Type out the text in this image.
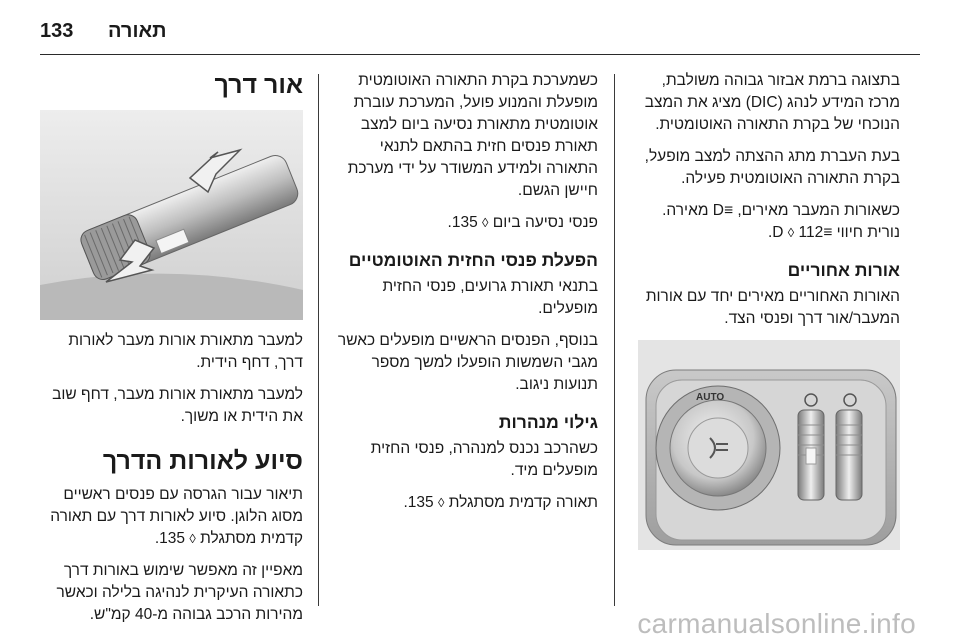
133 תאורה

בתצוגה ברמת אבזור גבוהה משולבת, מרכז המידע לנהג (DIC) מציג את המצב הנוכחי של בקרת התאורה האוטומטית.

בעת העברת מתג ההצתה למצב מופעל, בקרת התאורה האוטומטית פעילה.

כשאורות המעבר מאירים, ≡D מאירה. נורית חיווי ≡D ◊ 112.

אורות אחוריים

האורות האחוריים מאירים יחד עם אורות המעבר/אור דרך ופנסי הצד.

AUTO

כשמערכת בקרת התאורה האוטומטית מופעלת והמנוע פועל, המערכת עוברת אוטומטית מתאורת נסיעה ביום למצב תאורת פנסים חזית בהתאם לתנאי התאורה ולמידע המשודר על ידי מערכת חיישן הגשם.

פנסי נסיעה ביום ◊ 135.

הפעלת פנסי החזית האוטומטיים

בתנאי תאורת גרועים, פנסי החזית מופעלים.

בנוסף, הפנסים הראשיים מופעלים כאשר מגבי השמשות הופעלו למשך מספר תנועות ניגוב.

גילוי מנהרות

כשהרכב נכנס למנהרה, פנסי החזית מופעלים מיד.

תאורה קדמית מסתגלת ◊ 135.

אור דרך

למעבר מתאורת אורות מעבר לאורות דרך, דחף הידית.

למעבר מתאורת אורות מעבר, דחף שוב את הידית או משוך.

סיוע לאורות הדרך

תיאור עבור הגרסה עם פנסים ראשיים מסוג הלוגן. סיוע לאורות דרך עם תאורה קדמית מסתגלת ◊ 135.

מאפיין זה מאפשר שימוש באורות דרך כתאורה העיקרית לנהיגה בלילה וכאשר מהירות הרכב גבוהה מ-40 קמ"ש.	carmanualsonline.info
